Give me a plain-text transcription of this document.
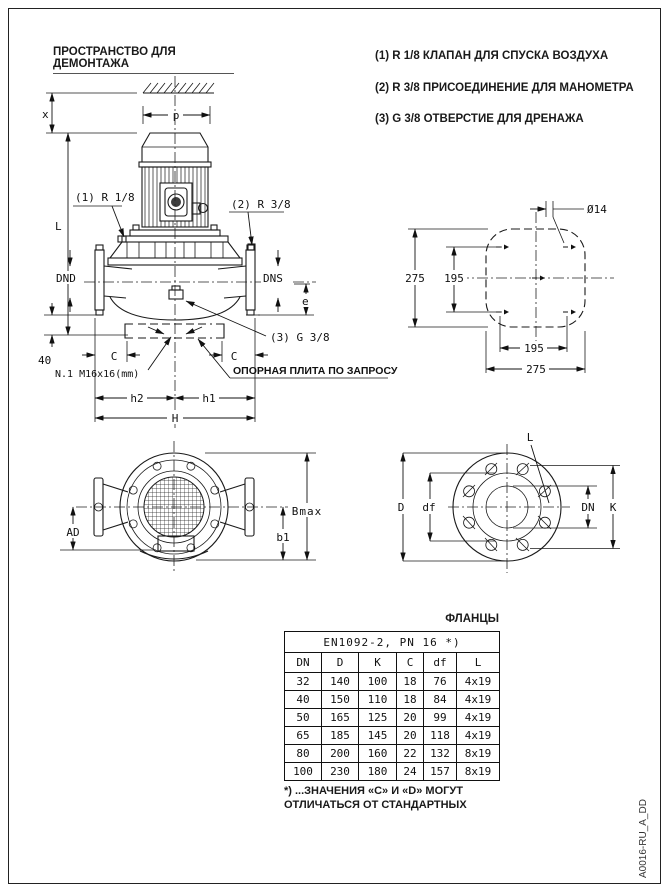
ПРОСТРАНСТВО ДЛЯ ДЕМОНТАЖА
(1) R 1/8 КЛАПАН ДЛЯ СПУСКА ВОЗДУХА
(2) R 3/8 ПРИСОЕДИНЕНИЕ ДЛЯ МАНОМЕТРА
(3) G 3/8 ОТВЕРСТИЕ ДЛЯ ДРЕНАЖА
x
L
p
DND	DNS
e
40	C	C
h2	h1
H
(1) R 1/8
(2) R 3/8
(3) G 3/8
N.1 M16x16(mm)	ОПОРНАЯ ПЛИТА ПО ЗАПРОСУ
Ø14
275 195
195
275
AD
Bmax
b1
L
D df	DN K
ФЛАНЦЫ
EN1092-2, PN 16 *)					
DN	D	K	C	df	L
32	140	100	18	76	4x19
40	150	110	18	84	4x19
50	165	125	20	99	4x19
65	185	145	20	118	4x19
80	200	160	22	132	8x19
100	230	180	24	157	8x19
*) ...ЗНАЧЕНИЯ «С» И «D» МОГУТ
ОТЛИЧАТЬСЯ ОТ СТАНДАРТНЫХ	A0016-RU_A_DD
